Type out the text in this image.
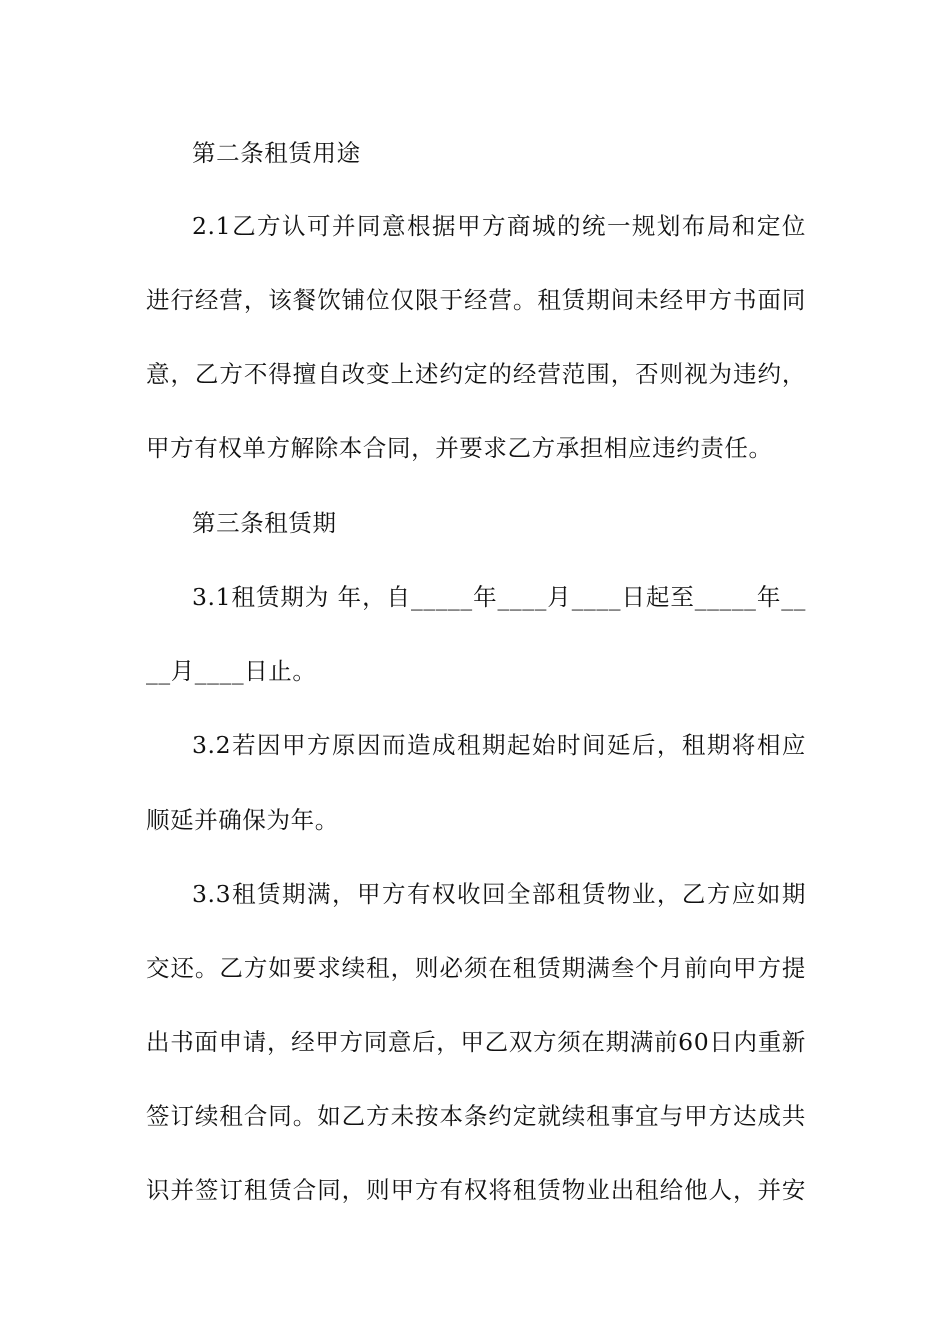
第二条租赁用途
2.1乙方认可并同意根据甲方商城的统一规划布局和定位
进行经营，该餐饮铺位仅限于经营。租赁期间未经甲方书面同
意，乙方不得擅自改变上述约定的经营范围，否则视为违约，
甲方有权单方解除本合同，并要求乙方承担相应违约责任。
第三条租赁期
3.1租赁期为 年，自_____年____月____日起至_____年__
__月____日止。
3.2若因甲方原因而造成租期起始时间延后，租期将相应
顺延并确保为年。
3.3租赁期满，甲方有权收回全部租赁物业，乙方应如期
交还。乙方如要求续租，则必须在租赁期满叁个月前向甲方提
出书面申请，经甲方同意后，甲乙双方须在期满前60日内重新
签订续租合同。如乙方未按本条约定就续租事宜与甲方达成共
识并签订租赁合同，则甲方有权将租赁物业出租给他人，并安
